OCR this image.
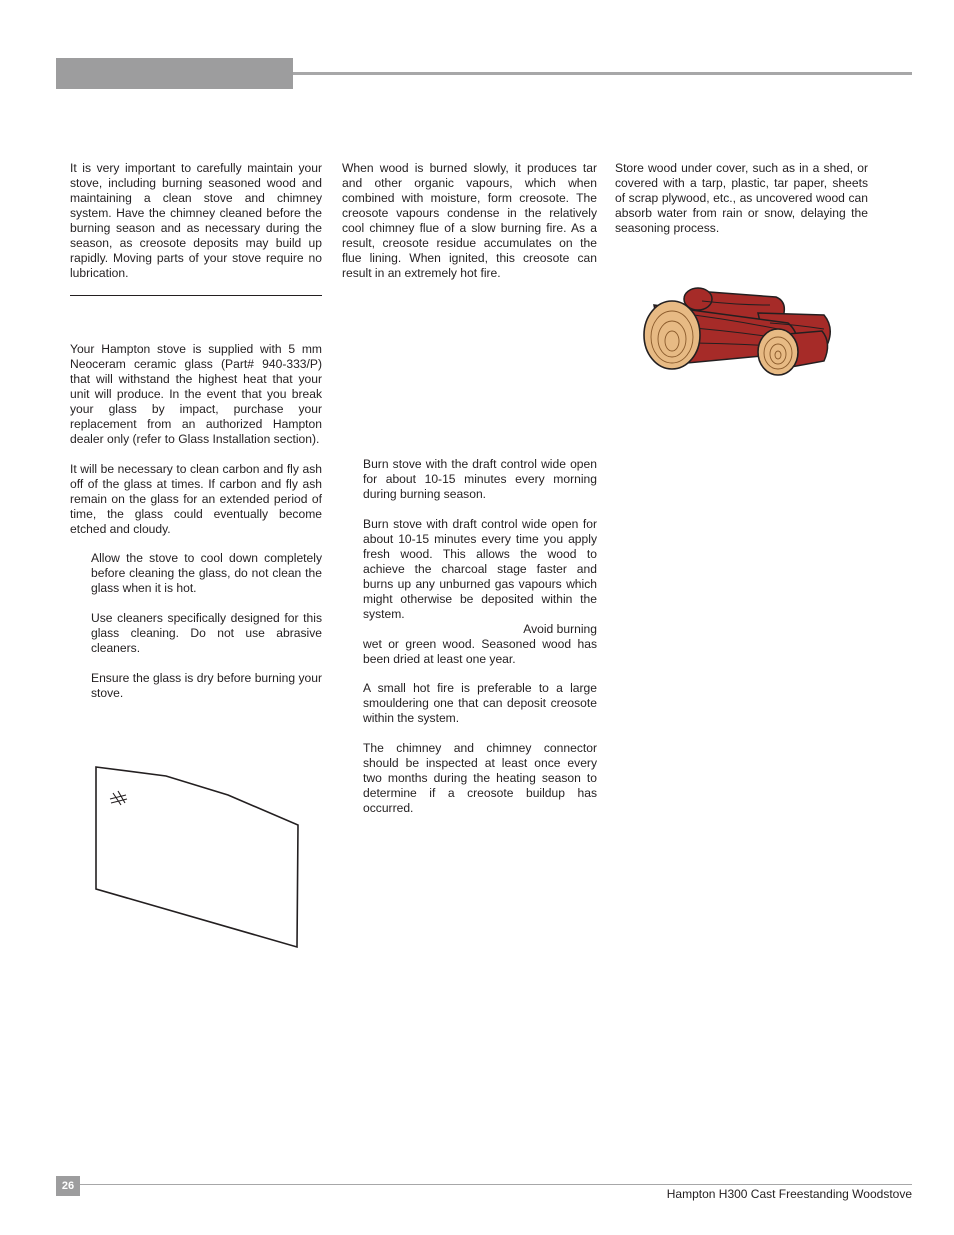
It is very important to carefully maintain your stove, including burning seasoned wood and maintaining a clean stove and chimney system. Have the chimney cleaned before the burning season and as necessary during the season, as creosote deposits may build up rapidly. Moving parts of your stove require no lubrication.

Your Hampton stove is supplied with 5 mm Neoceram ceramic glass (Part# 940-333/P) that will withstand the highest heat that your unit will produce. In the event that you break your glass by impact, purchase your replacement from an authorized Hampton dealer only (refer to Glass Installation section).

It will be necessary to clean carbon and fly ash off of the glass at times. If carbon and fly ash remain on the glass for an extended period of time, the glass could eventually become etched and cloudy.

Allow the stove to cool down completely before cleaning the glass, do not clean the glass when it is hot.

Use cleaners specifically designed for this glass cleaning. Do not use abrasive cleaners.

Ensure the glass is dry before burning your stove.

When wood is burned slowly, it produces tar and other organic vapours, which when combined with moisture, form creosote. The creosote vapours condense in the relatively cool chimney flue of a slow burning fire. As a result, creosote residue accumulates on the flue lining. When ignited, this creosote can result in an extremely hot fire.

Burn stove with the draft control wide open for about 10-15 minutes every morning during burning season.

Burn stove with draft control wide open for about 10-15 minutes every time you apply fresh wood. This allows the wood to achieve the charcoal stage faster and burns up any unburned gas vapours which might otherwise be deposited within the system.

Avoid burning

wet or green wood. Seasoned wood has been dried at least one year.

A small hot fire is preferable to a large smouldering one that can deposit creosote within the system.

The chimney and chimney connector should be inspected at least once every two months during the heating season to determine if a creosote buildup has occurred.

Store wood under cover, such as in a shed, or covered with a tarp, plastic, tar paper, sheets of scrap plywood, etc., as uncovered wood can absorb water from rain or snow, delaying the seasoning process.

26
Hampton H300 Cast Freestanding Woodstove
